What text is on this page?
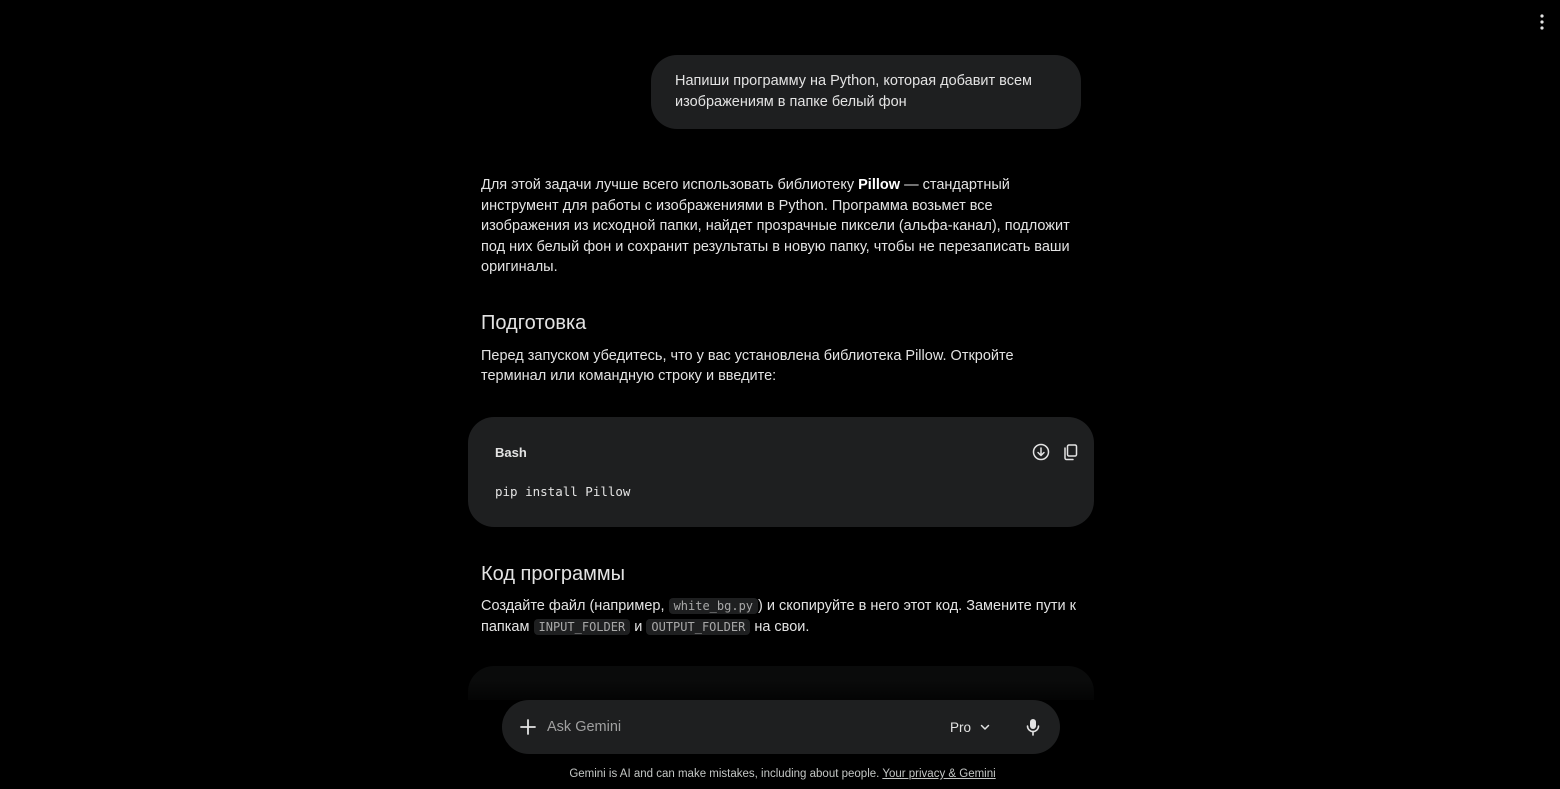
Напиши программу на Python, которая добавит всем
изображениям в папке белый фон

Для этой задачи лучше всего использовать библиотеку Pillow — стандартный инструмент для работы с изображениями в Python. Программа возьмет все изображения из исходной папки, найдет прозрачные пиксели (альфа-канал), подложит под них белый фон и сохранит результаты в новую папку, чтобы не перезаписать ваши оригиналы.

Подготовка

Перед запуском убедитесь, что у вас установлена библиотека Pillow. Откройте терминал или командную строку и введите:

Bash
pip install Pillow
Код программы

Создайте файл (например, white_bg.py ) и скопируйте в него этот код. Замените пути к папкам INPUT_FOLDER и OUTPUT_FOLDER на свои.

Ask Gemini
Pro
Gemini is AI and can make mistakes, including about people. Your privacy & Gemini
